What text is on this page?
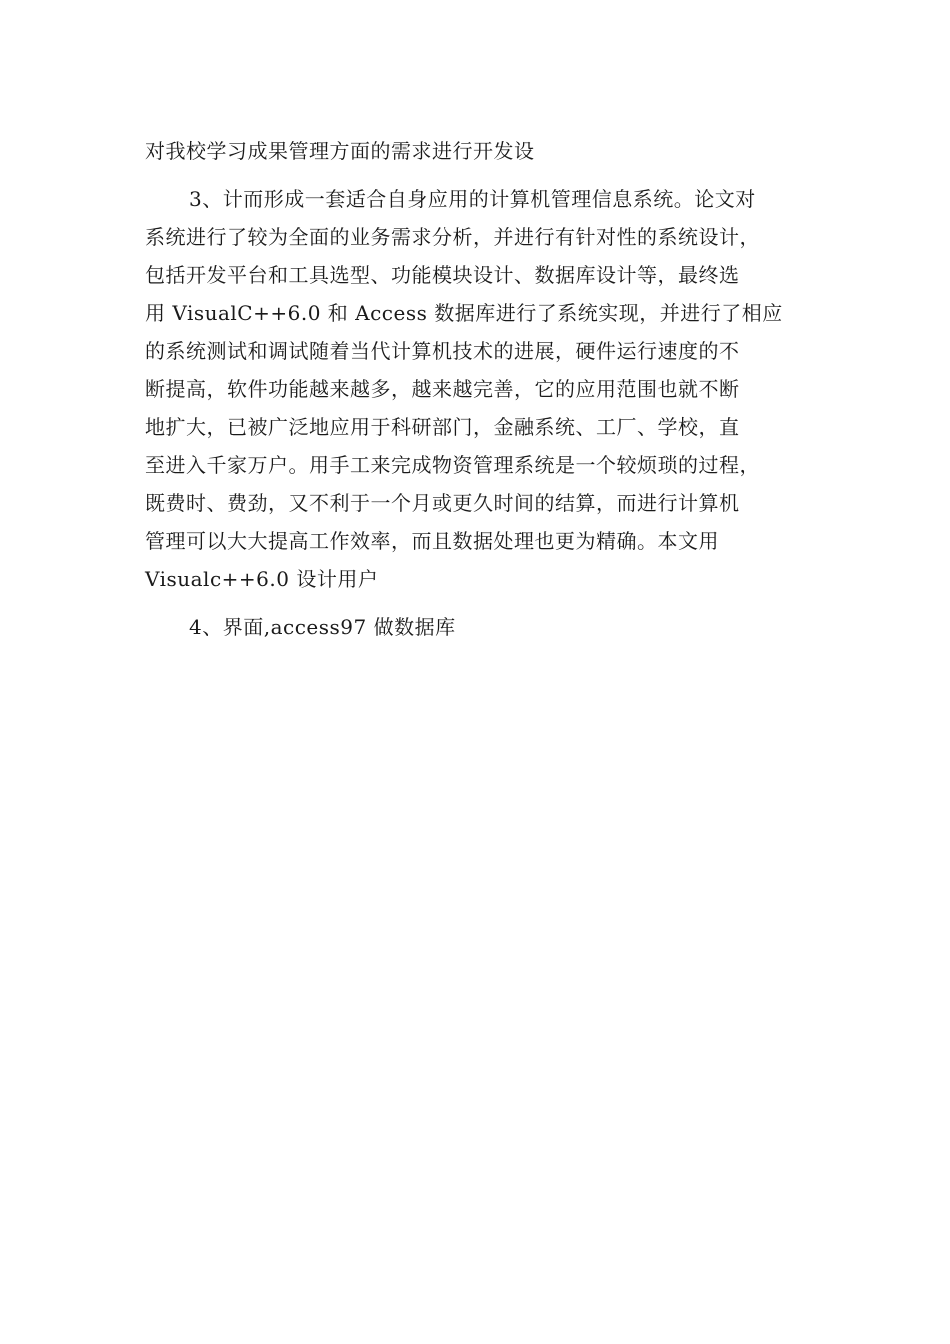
对我校学习成果管理方面的需求进行开发设
3、计而形成一套适合自身应用的计算机管理信息系统。论文对
系统进行了较为全面的业务需求分析，并进行有针对性的系统设计，
包括开发平台和工具选型、功能模块设计、数据库设计等，最终选
用 VisualC++6.0 和 Access 数据库进行了系统实现，并进行了相应
的系统测试和调试随着当代计算机技术的进展，硬件运行速度的不
断提高，软件功能越来越多，越来越完善，它的应用范围也就不断
地扩大，已被广泛地应用于科研部门，金融系统、工厂、学校，直
至进入千家万户。用手工来完成物资管理系统是一个较烦琐的过程，
既费时、费劲，又不利于一个月或更久时间的结算，而进行计算机
管理可以大大提高工作效率，而且数据处理也更为精确。本文用
Visualc++6.0 设计用户
4、界面,access97 做数据库
